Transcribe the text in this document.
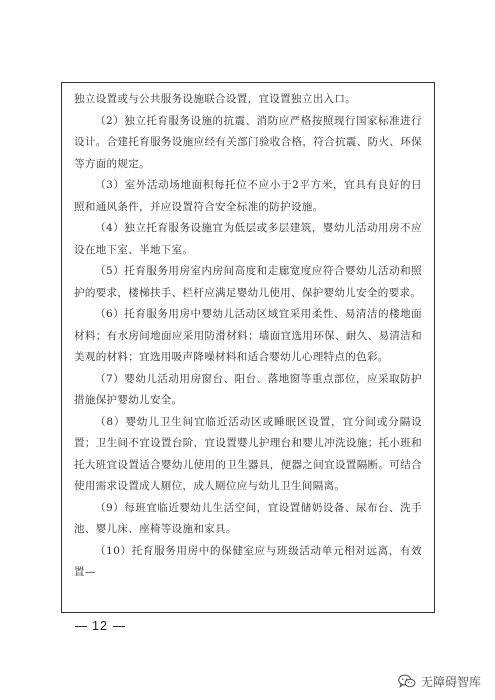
独立设置或与公共服务设施联合设置，宜设置独立出入口。

（2）独立托育服务设施的抗震、消防应严格按照现行国家标准进行设计。合建托育服务设施应经有关部门验收合格，符合抗震、防火、环保等方面的规定。

（3）室外活动场地面积每托位不应小于2平方米，宜具有良好的日照和通风条件，并应设置符合安全标准的防护设施。

（4）独立托育服务设施宜为低层或多层建筑，婴幼儿活动用房不应设在地下室、半地下室。

（5）托育服务用房室内房间高度和走廊宽度应符合婴幼儿活动和照护的要求，楼梯扶手、栏杆应满足婴幼儿使用、保护婴幼儿安全的要求。

（6）托育服务用房中婴幼儿活动区域宜采用柔性、易清洁的楼地面材料；有水房间地面应采用防滑材料；墙面宜选用环保、耐久、易清洁和美观的材料；宜选用吸声降噪材料和适合婴幼儿心理特点的色彩。

（7）婴幼儿活动用房窗台、阳台、落地窗等重点部位，应采取防护措施保护婴幼儿安全。

（8）婴幼儿卫生间宜临近活动区或睡眠区设置，宜分间或分隔设置；卫生间不宜设置台阶，宜设置婴儿护理台和婴儿冲洗设施；托小班和托大班宜设置适合婴幼儿使用的卫生器具，便器之间宜设置隔断。可结合使用需求设置成人厕位，成人厕位应与幼儿卫生间隔离。

（9）每班宜临近婴幼儿生活空间，宜设置储奶设备、尿布台、洗手池、婴儿床、座椅等设施和家具。

（10）托育服务用房中的保健室应与班级活动单元相对远离，有效置—

12
无障碍智库
